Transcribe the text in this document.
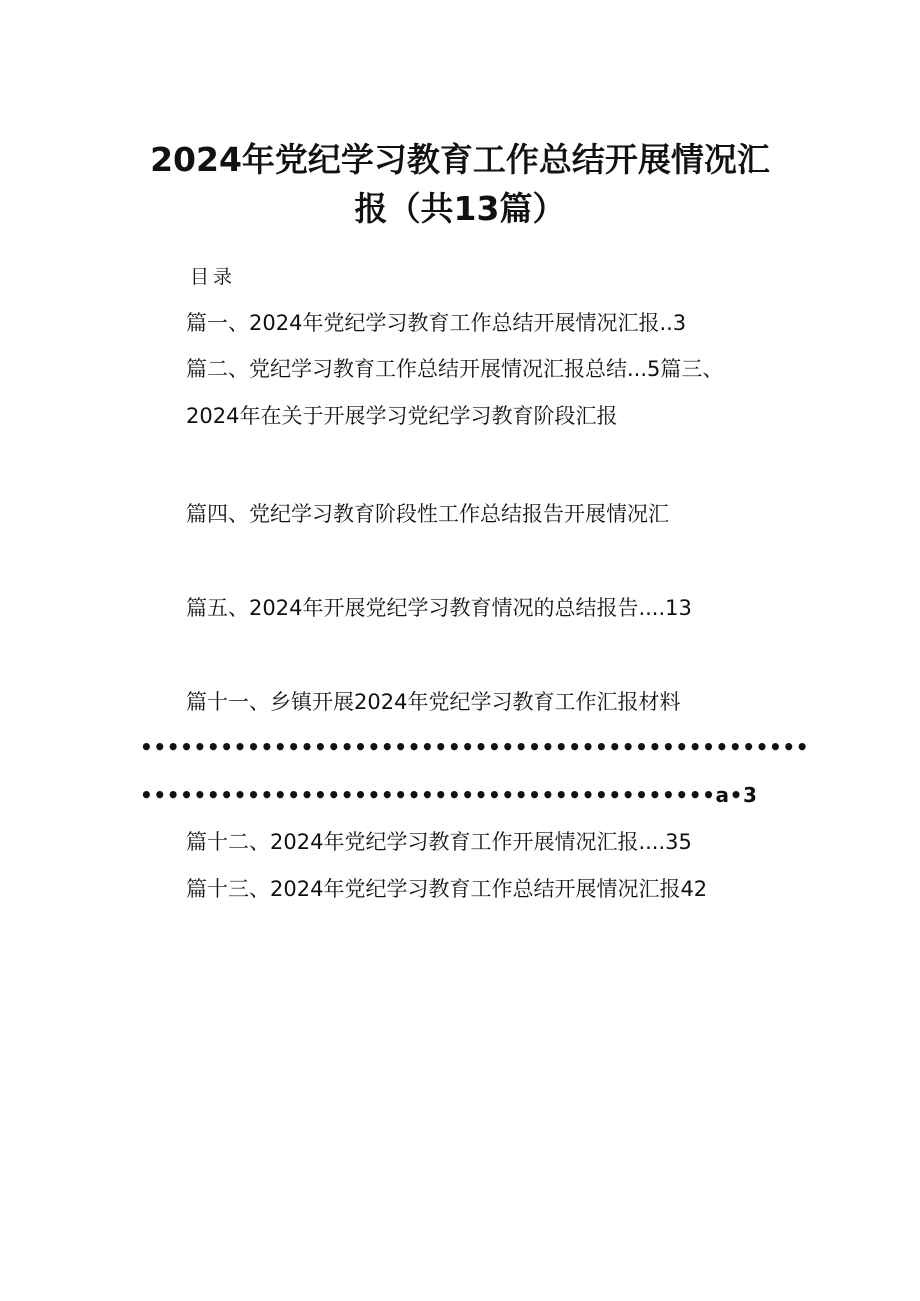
2024年党纪学习教育工作总结开展情况汇
报（共13篇）
目录
篇一、2024年党纪学习教育工作总结开展情况汇报..3
篇二、党纪学习教育工作总结开展情况汇报总结...5篇三、
2024年在关于开展学习党纪学习教育阶段汇报
篇四、党纪学习教育阶段性工作总结报告开展情况汇
篇五、2024年开展党纪学习教育情况的总结报告....13
篇十一、乡镇开展2024年党纪学习教育工作汇报材料
••••••••••••••••••••••••••••••••••••••••••••••••••
•••••••••••••••••••••••••••••••••••••••••••a•3
篇十二、2024年党纪学习教育工作开展情况汇报....35
篇十三、2024年党纪学习教育工作总结开展情况汇报42
